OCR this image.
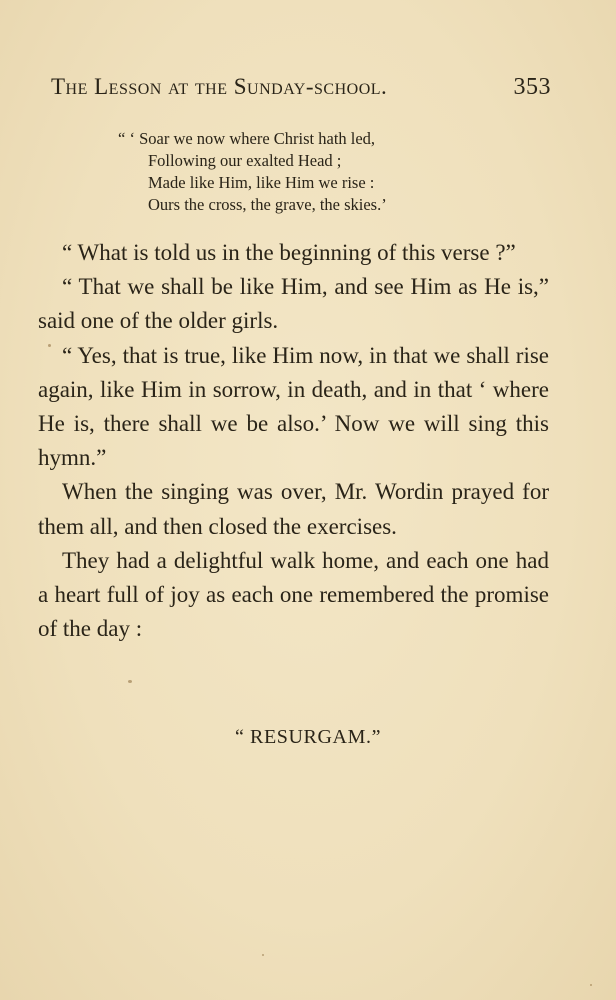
The Lesson at the Sunday-school.	353
“ ‘ Soar we now where Christ hath led,
Following our exalted Head ;
Made like Him, like Him we rise :
Ours the cross, the grave, the skies.’

“ What is told us in the beginning of this verse ?”

“ That we shall be like Him, and see Him as He is,” said one of the older girls.

“ Yes, that is true, like Him now, in that we shall rise again, like Him in sorrow, in death, and in that ‘ where He is, there shall we be also.’ Now we will sing this hymn.”

When the singing was over, Mr. Wordin prayed for them all, and then closed the exercises.

They had a delightful walk home, and each one had a heart full of joy as each one remembered the promise of the day :

“ RESURGAM.”
